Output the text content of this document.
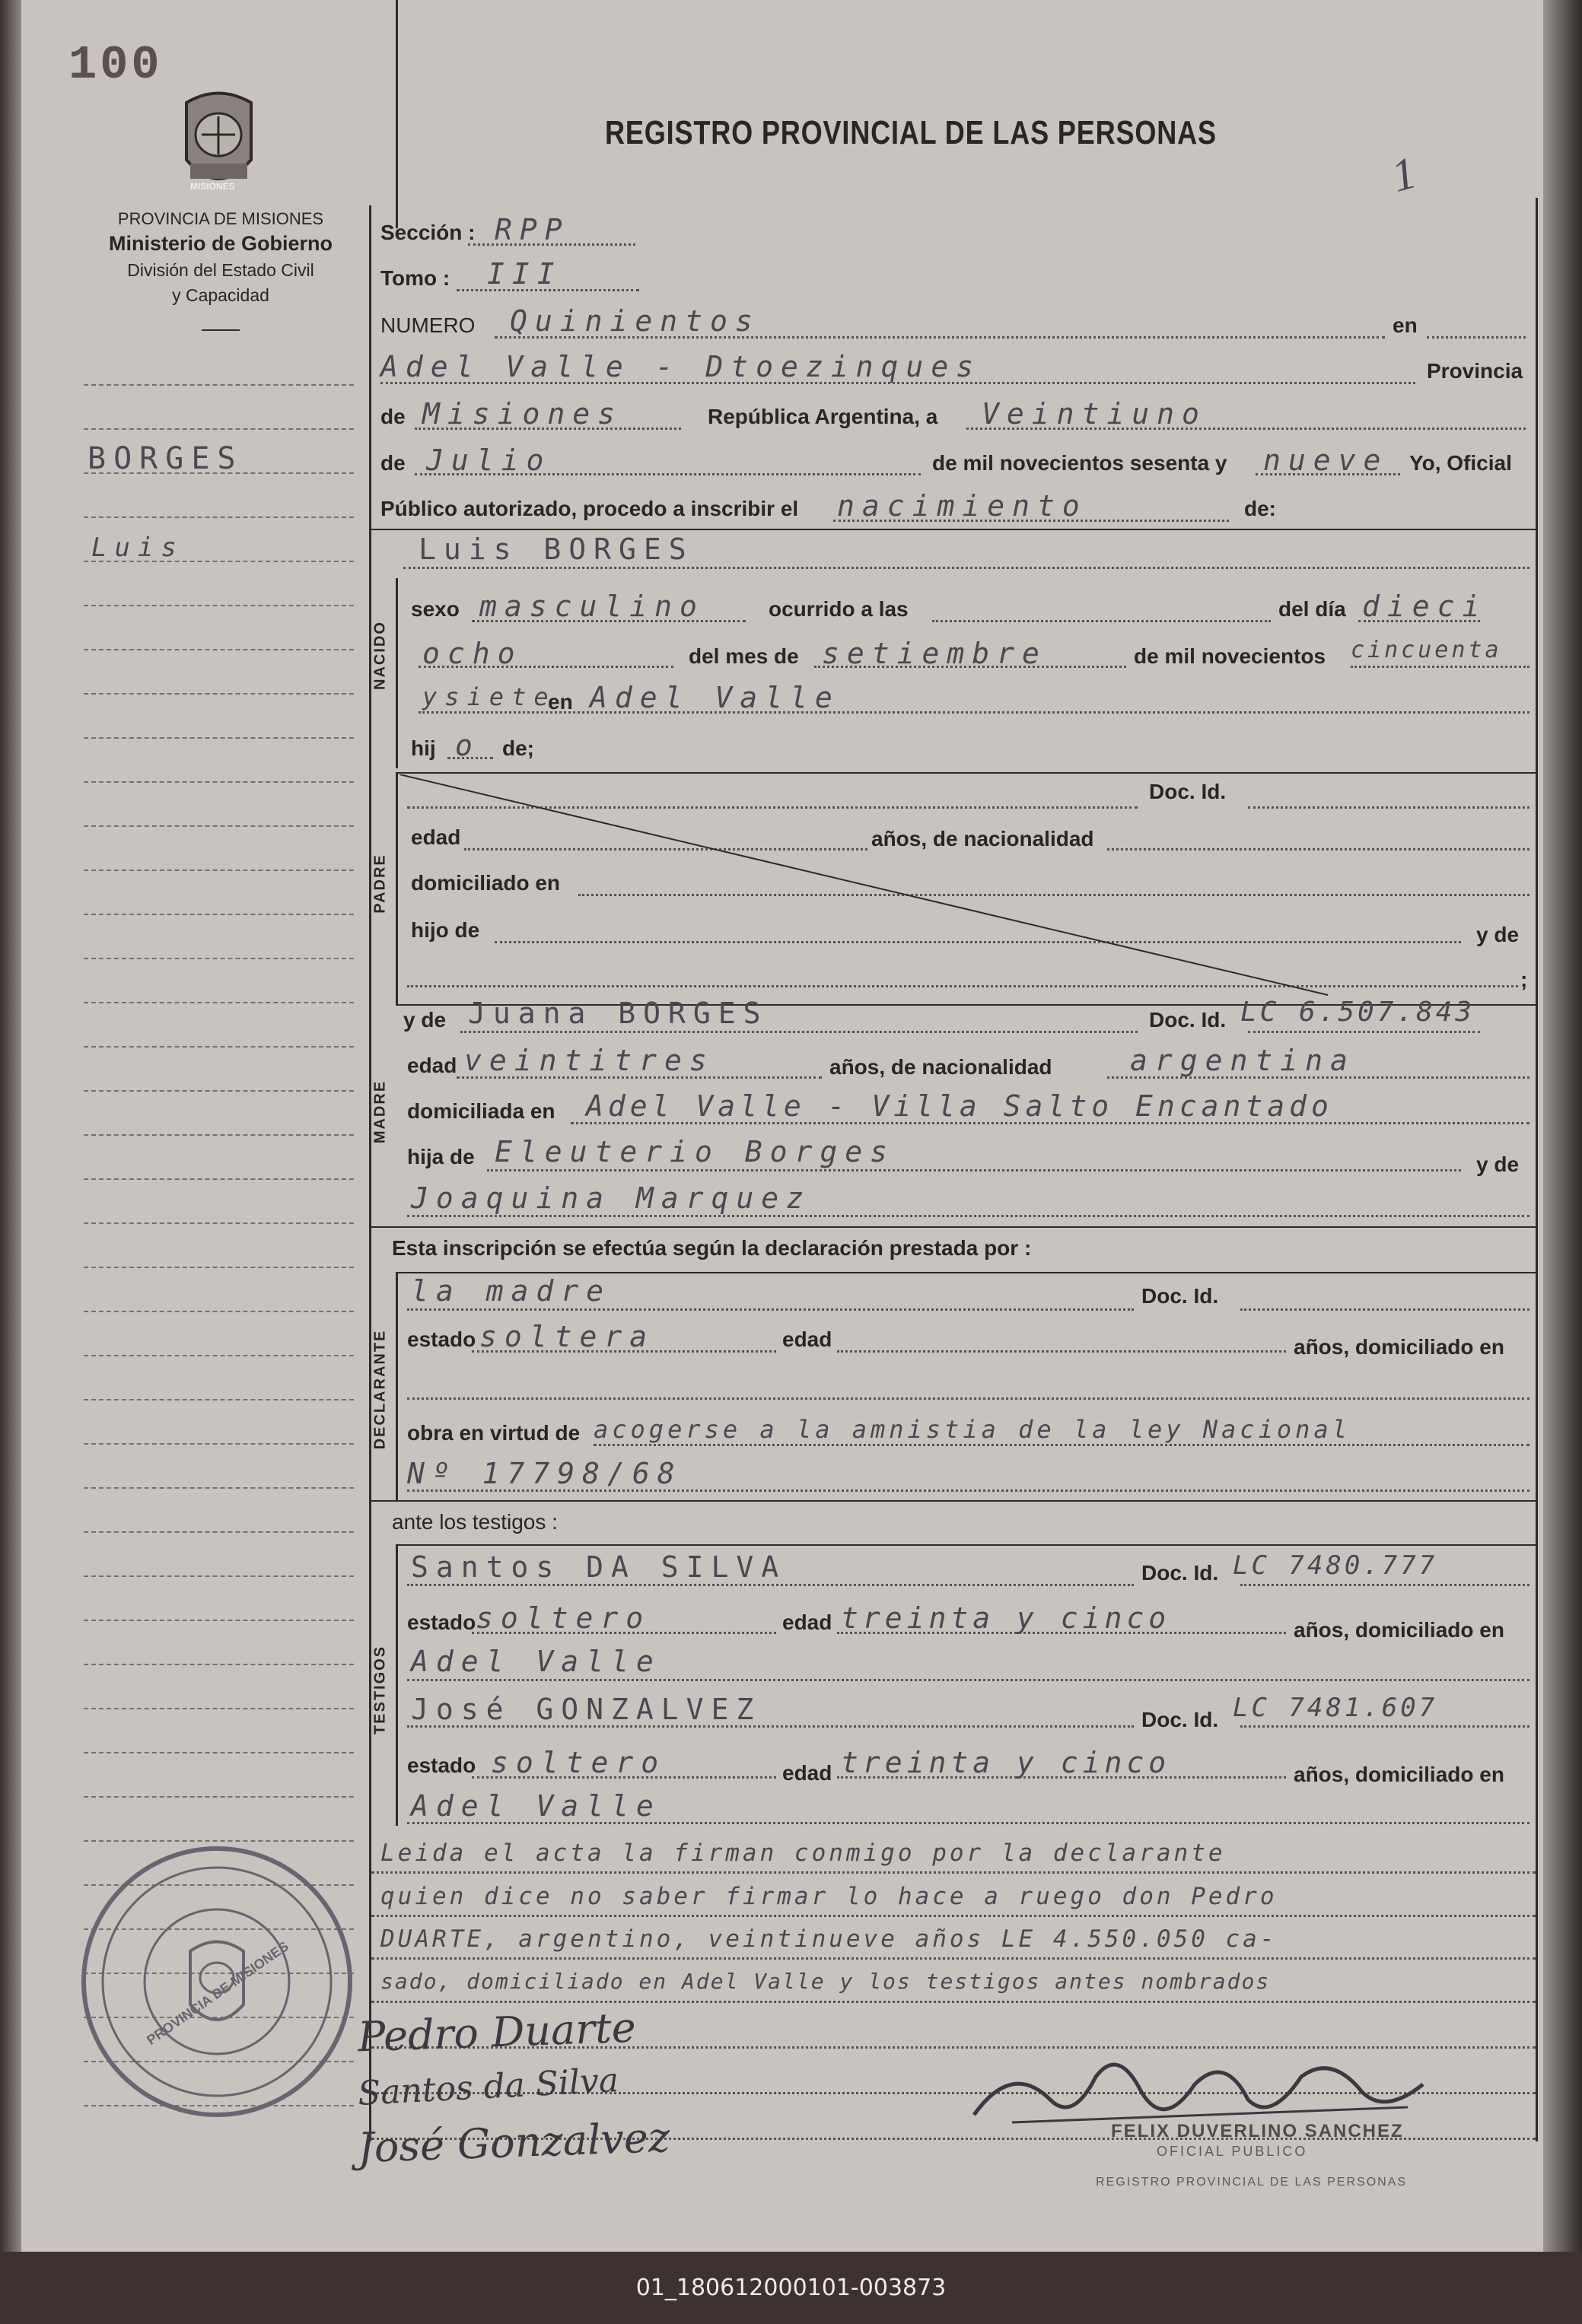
100
MISIONES
PROVINCIA DE MISIONES
Ministerio de Gobierno
División del Estado Civil
y Capacidad
REGISTRO PROVINCIAL DE LAS PERSONAS
1
BORGES
Luis
Sección : RPP
Tomo : III
NUMERO Quinientos	en
Adel Valle - Dtoezinques	Provincia
de Misiones	República Argentina, a Veintiuno
de Julio	de mil novecientos sesenta y nueve Yo, Oficial
Público autorizado, procedo a inscribir el nacimiento	de:
Luis BORGES
NACIDO
sexo masculino	ocurrido a las	del día dieci
ocho	del mes de setiembre	de mil novecientos cincuenta
ysiete
en Adel Valle
hij o de;
PADRE
Doc. Id.
edad	años, de nacionalidad
domiciliado en
hijo de	y de
;
MADRE
y de Juana BORGES	Doc. Id. LC 6.507.843
edad veintitres	años, de nacionalidad	argentina
domiciliada en Adel Valle - Villa Salto Encantado
hija de Eleuterio Borges	y de
Joaquina Marquez
Esta inscripción se efectúa según la declaración prestada por :
DECLARANTE
la madre	Doc. Id.
estado soltera	edad	años, domiciliado en
obra en virtud de acogerse a la amnistia de la ley Nacional
Nº 17798/68
ante los testigos :
TESTIGOS
Santos DA SILVA	Doc. Id. LC 7480.777
estado soltero	edad treinta y cinco	años, domiciliado en
Adel Valle
José GONZALVEZ	Doc. Id. LC 7481.607
estado soltero	edad treinta y cinco	años, domiciliado en
Adel Valle
Leida el acta la firman conmigo por la declarante
quien dice no saber firmar lo hace a ruego don Pedro
DUARTE, argentino, veintinueve años LE 4.550.050 ca-
sado, domiciliado en Adel Valle y los testigos antes nombrados
Pedro Duarte
Santos da Silva
José Gonzalvez	FELIX DUVERLINO SANCHEZ
OFICIAL PUBLICO
REGISTRO PROVINCIAL DE LAS PERSONAS
PROVINCIA DE MISIONES
01_180612000101-003873
